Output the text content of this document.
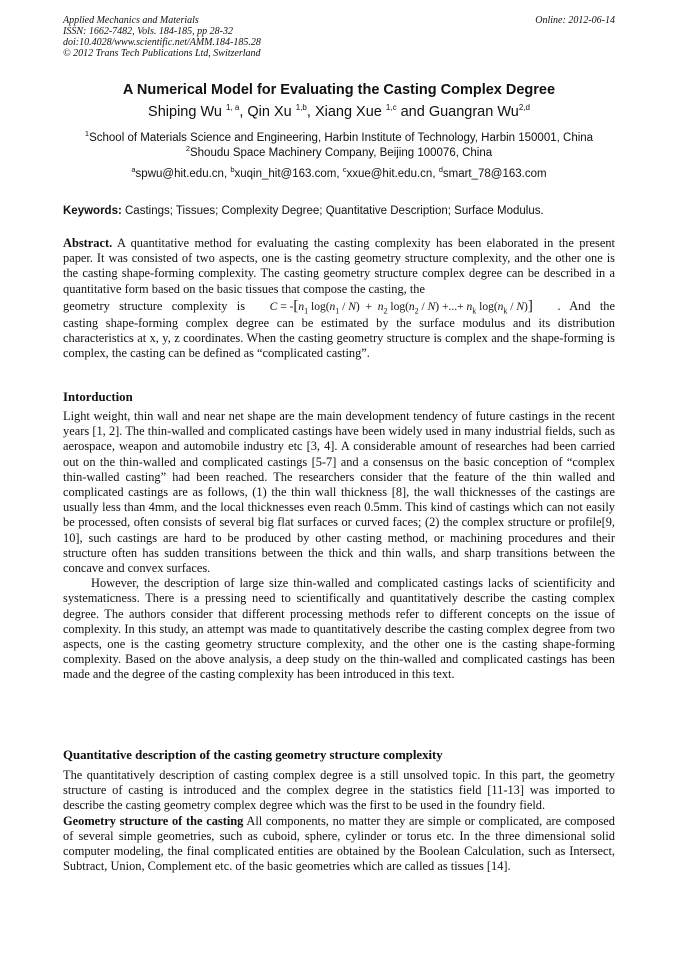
Applied Mechanics and Materials
ISSN: 1662-7482, Vols. 184-185, pp 28-32
doi:10.4028/www.scientific.net/AMM.184-185.28
© 2012 Trans Tech Publications Ltd, Switzerland
Online: 2012-06-14
A Numerical Model for Evaluating the Casting Complex Degree
Shiping Wu $^{1, a}$, Qin Xu $^{1,b}$, Xiang Xue $^{1,c}$ and Guangran Wu$^{2,d}$
$^1$School of Materials Science and Engineering, Harbin Institute of Technology, Harbin 150001, China
$^2$Shoudu Space Machinery Company, Beijing 100076, China
$^a$spwu@hit.edu.cn, $^b$xuqin_hit@163.com, $^c$xxue@hit.edu.cn, $^d$smart_78@163.com
Keywords: Castings; Tissues; Complexity Degree; Quantitative Description; Surface Modulus.

Abstract. A quantitative method for evaluating the casting complexity has been elaborated in the present paper. It was consisted of two aspects, one is the casting geometry structure complexity, and the other one is the casting shape-forming complexity. The casting geometry structure complex degree can be described in a quantitative form based on the basic tissues that compose the casting, the

geometry   structure   complexity   is $C = -[n_1$ $\log(n_1 / N) + n_2$ $\log(n_2 / N)$ +...+ $n_k$ $\log(n_k / N)$] .   And   the

casting shape-forming complex degree can be estimated by the surface modulus and its distribution characteristics at x, y, z coordinates. When the casting geometry structure is complex and the shape-forming is complex, the casting can be defined as “complicated casting”.

Intorduction

Light weight, thin wall and near net shape are the main development tendency of future castings in the recent years [1, 2]. The thin-walled and complicated castings have been widely used in many industrial fields, such as aerospace, weapon and automobile industry etc [3, 4]. A considerable amount of researches had been carried out on the thin-walled and complicated castings [5-7] and a consensus on the basic conception of “complex thin-walled casting” had been reached. The researchers consider that the feature of the thin walled and complicated castings are as follows, (1) the thin wall thickness [8], the wall thicknesses of the castings are usually less than 4mm, and the local thicknesses even reach 0.5mm. This kind of castings which can not easily be processed, often consists of several big flat surfaces or curved faces; (2) the complex structure or profile[9, 10], such castings are hard to be produced by other casting method, or machining procedures and their structure often has sudden transitions between the thick and thin walls, and sharp transitions between the concave and convex surfaces.

However, the description of large size thin-walled and complicated castings lacks of scientificity and systematicness. There is a pressing need to scientifically and quantitatively describe the casting complex degree. The authors consider that different processing methods refer to different concepts on the issue of complexity. In this study, an attempt was made to quantitatively describe the casting complex degree from two aspects, one is the casting geometry structure complexity, and the other one is the casting shape-forming complexity. Based on the above analysis, a deep study on the thin-walled and complicated castings has been made and the degree of the casting complexity has been introduced in this text.

Quantitative description of the casting geometry structure complexity

The quantitatively description of casting complex degree is a still unsolved topic. In this part, the geometry structure of casting is introduced and the complex degree in the statistics field [11-13] was imported to describe the casting geometry complex degree which was the first to be used in the foundry field.

Geometry structure of the casting All components, no matter they are simple or complicated, are composed of several simple geometries, such as cuboid, sphere, cylinder or torus etc. In the three dimensional solid computer modeling, the final complicated entities are obtained by the Boolean Calculation, such as Intersect, Subtract, Union, Complement etc. of the basic geometries which are called as tissues [14].
